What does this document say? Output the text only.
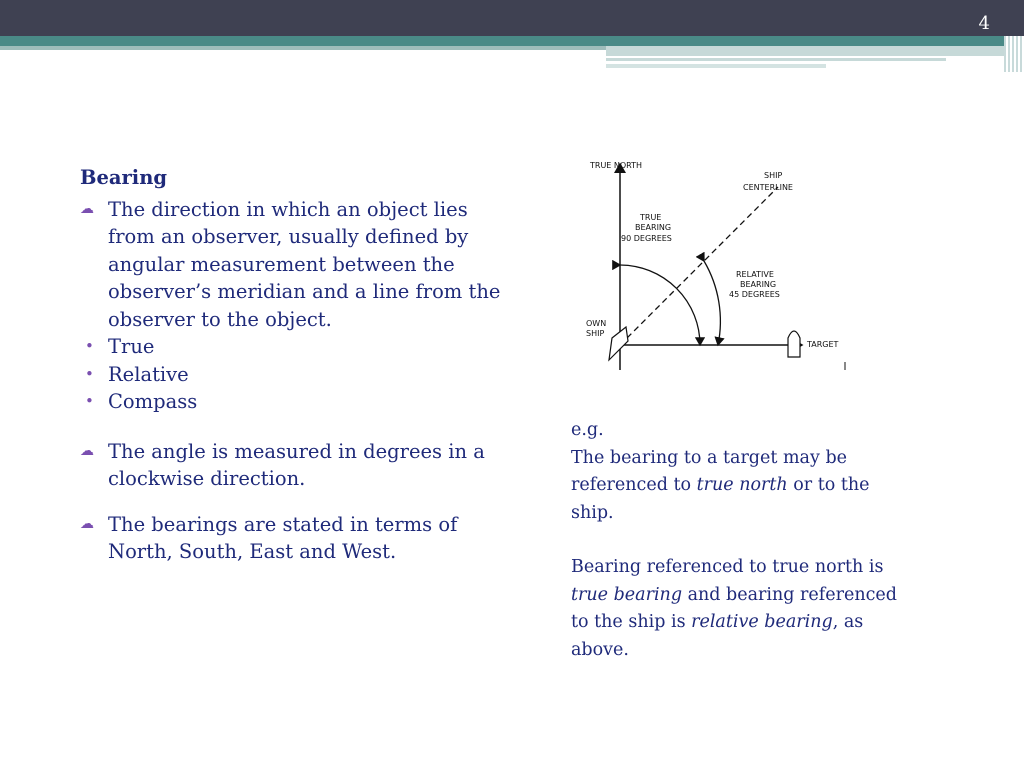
4
Bearing
☁ The direction in which an object lies from an observer, usually defined by angular measurement between the observer’s meridian and a line from the observer to the object.
• True
• Relative
• Compass
☁ The angle is measured in degrees in a clockwise direction.
☁ The bearings are stated in terms of North, South, East and West.
TRUE NORTH
SHIP
CENTERLINE
TRUE
BEARING
90 DEGREES
RELATIVE
BEARING
45 DEGREES
OWN
SHIP
TARGET

e.g.

The bearing to a target may be referenced to true north or to the ship.

Bearing referenced to true north is true bearing and bearing referenced to the ship is relative bearing, as above.
